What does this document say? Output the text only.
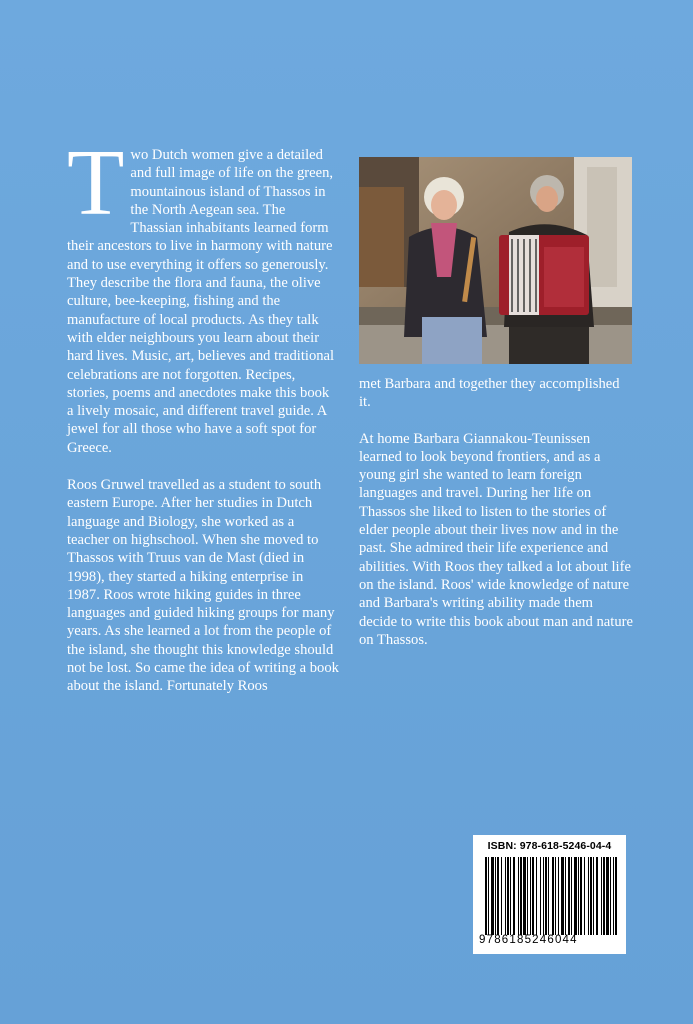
Two Dutch women give a detailed and full image of life on the green, mountainous island of Thassos in the North Aegean sea. The Thassian inhabitants learned form their ancestors to live in harmony with nature and to use everything it offers so generously. They describe the flora and fauna, the olive culture, bee-keeping, fishing and the manufacture of local products. As they talk with elder neighbours you learn about their hard lives. Music, art, believes and traditional celebrations are not forgotten. Recipes, stories, poems and anecdotes make this book a lively mosaic, and different travel guide. A jewel for all those who have a soft spot for Greece.

Roos Gruwel travelled as a student to south eastern Europe. After her studies in Dutch language and Biology, she worked as a teacher on highschool. When she moved to Thassos with Truus van de Mast (died in 1998), they started a hiking enterprise in 1987. Roos wrote hiking guides in three languages and guided hiking groups for many years. As she learned a lot from the people of the island, she thought this knowledge should not be lost. So came the idea of writing a book about the island. Fortunately Roos

met Barbara and together they accomplished it.

At home Barbara Giannakou-Teunissen learned to look beyond frontiers, and as a young girl she wanted to learn foreign languages and travel. During her life on Thassos she liked to listen to the stories of elder people about their lives now and in the past. She admired their life experience and abilities. With Roos they talked a lot about life on the island. Roos' wide knowledge of nature and Barbara's writing ability made them decide to write this book about man and nature on Thassos.

ISBN: 978-618-5246-04-4
9786185246044
